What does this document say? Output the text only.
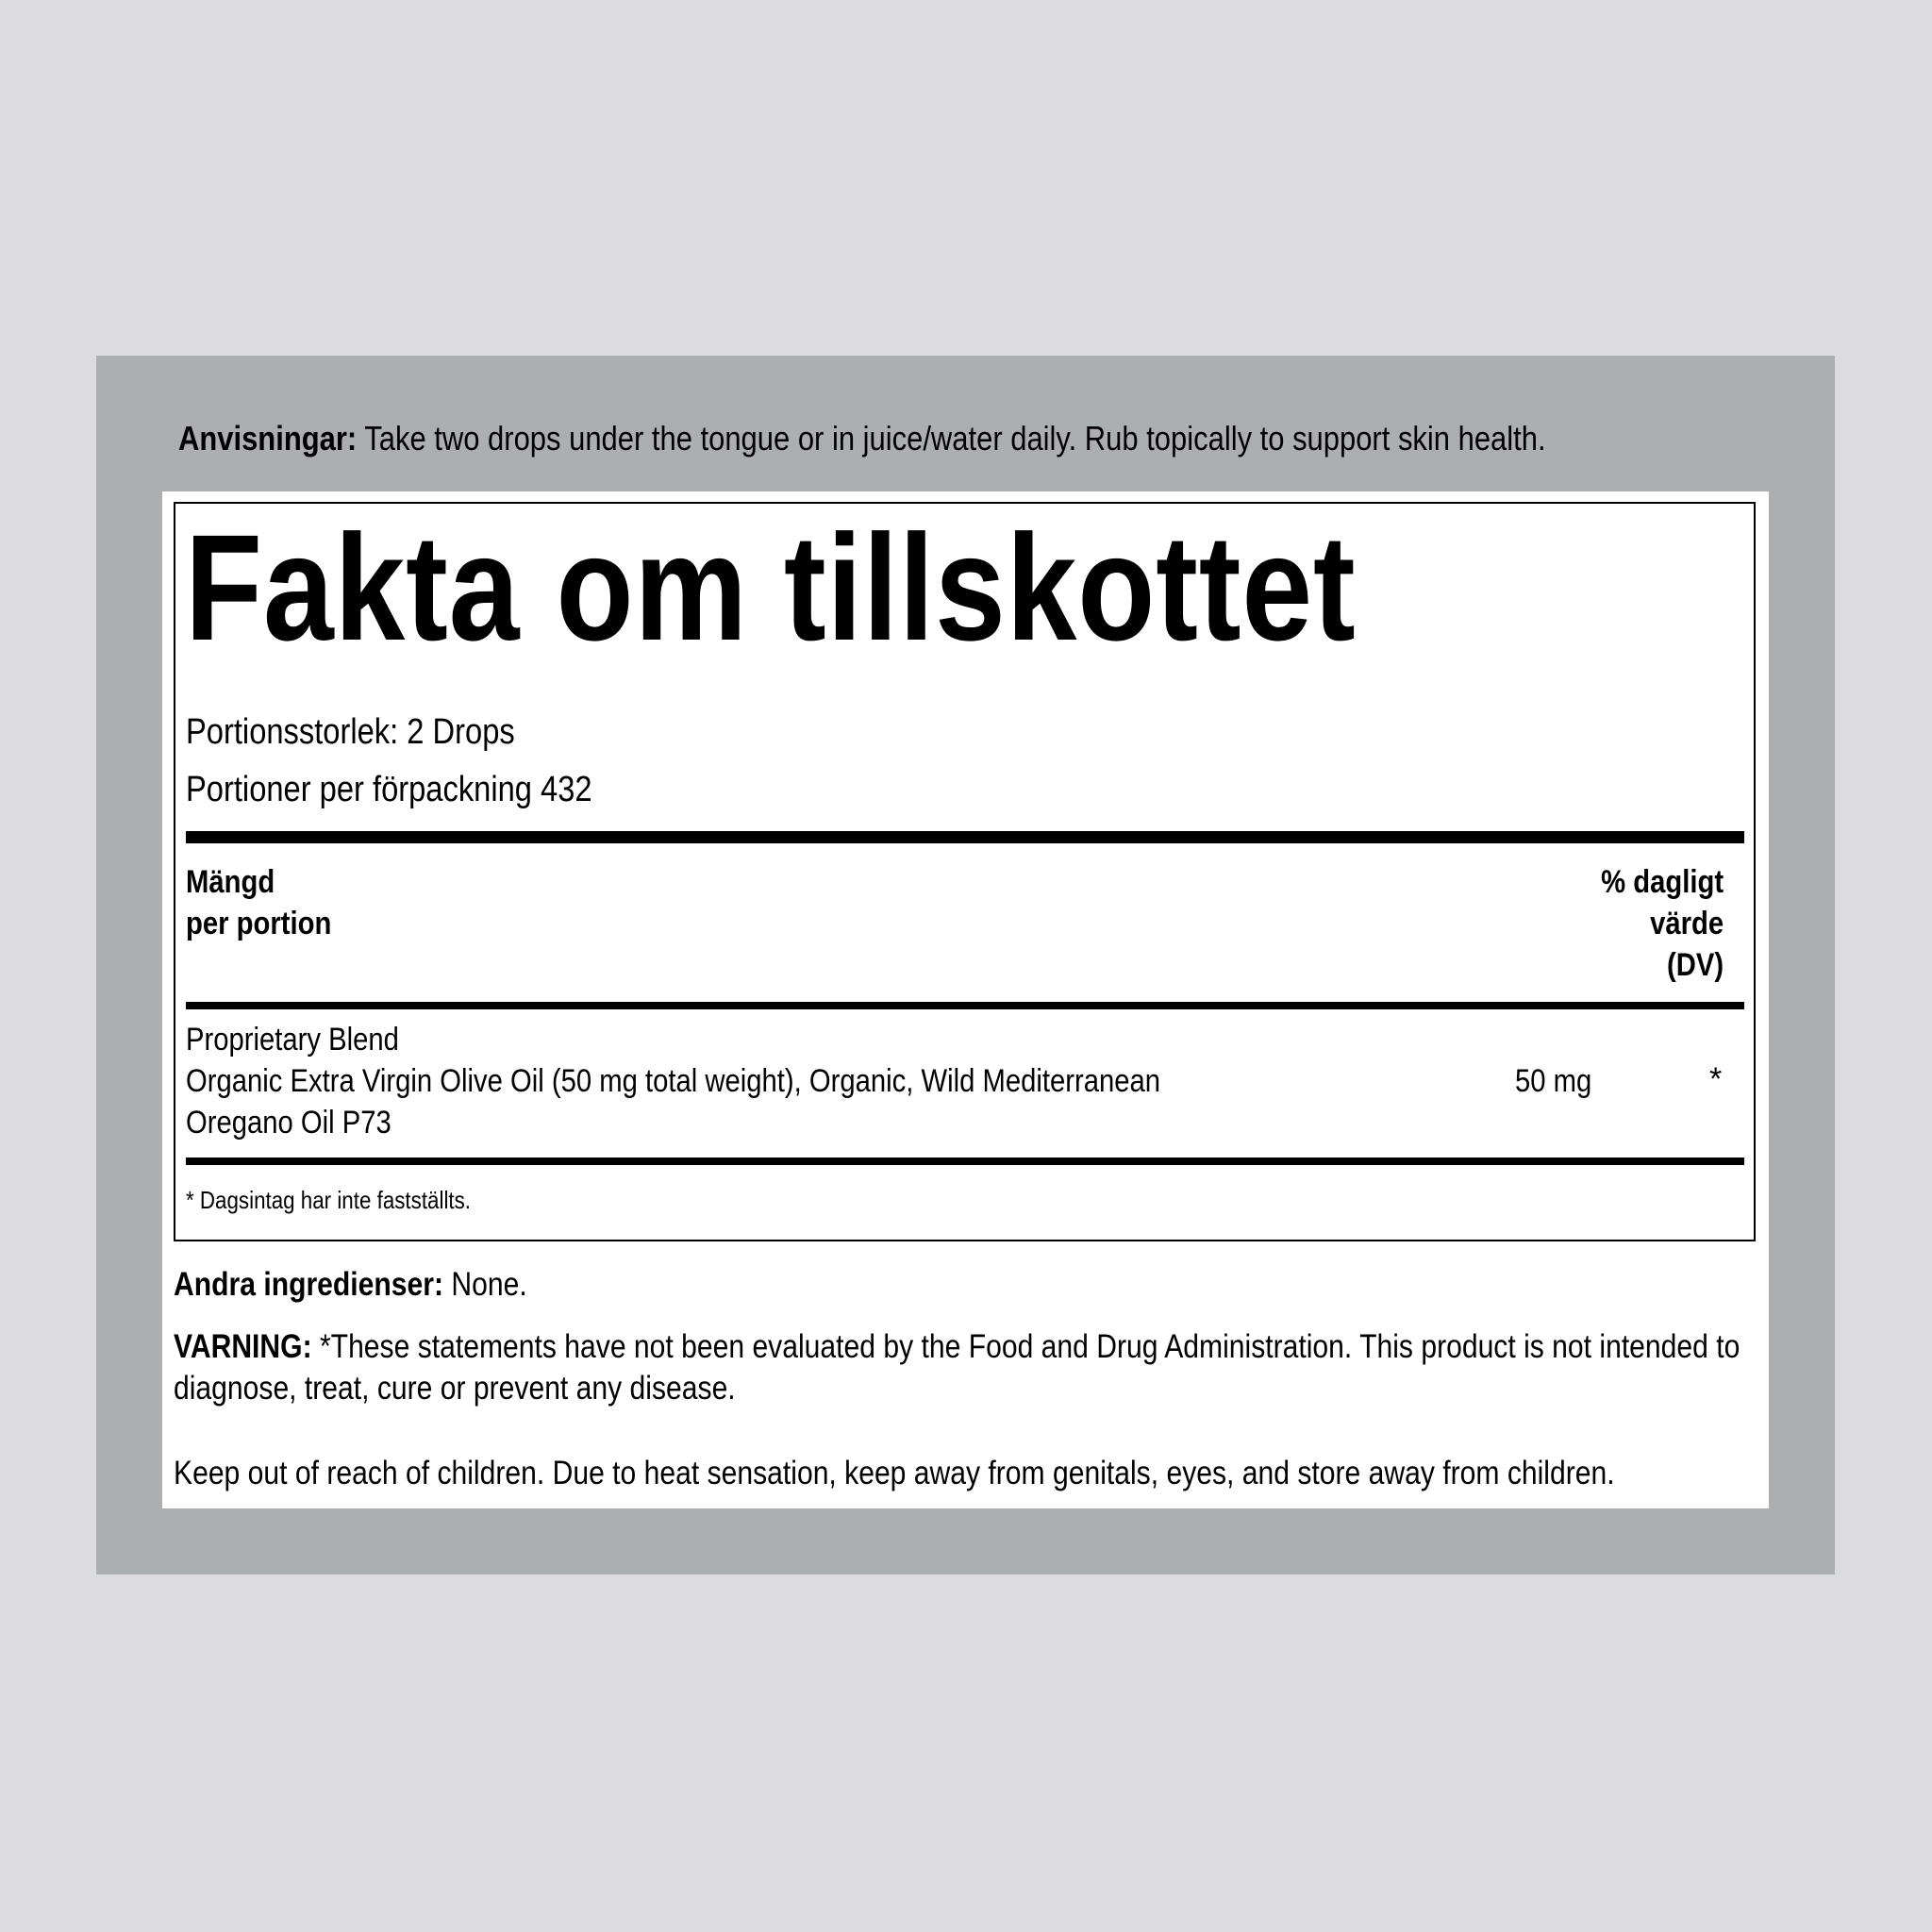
Anvisningar: Take two drops under the tongue or in juice/water daily. Rub topically to support skin health.
Fakta om tillskottet
Portionsstorlek: 2 Drops
Portioner per förpackning 432
Mängd
per portion
% dagligt
värde
(DV)
Proprietary Blend
Organic Extra Virgin Olive Oil (50 mg total weight), Organic, Wild Mediterranean Oregano Oil P73
50 mg	*
* Dagsintag har inte fastställts.
Andra ingredienser: None.
VARNING: *These statements have not been evaluated by the Food and Drug Administration. This product is not intended to diagnose, treat, cure or prevent any disease.
Keep out of reach of children. Due to heat sensation, keep away from genitals, eyes, and store away from children.
